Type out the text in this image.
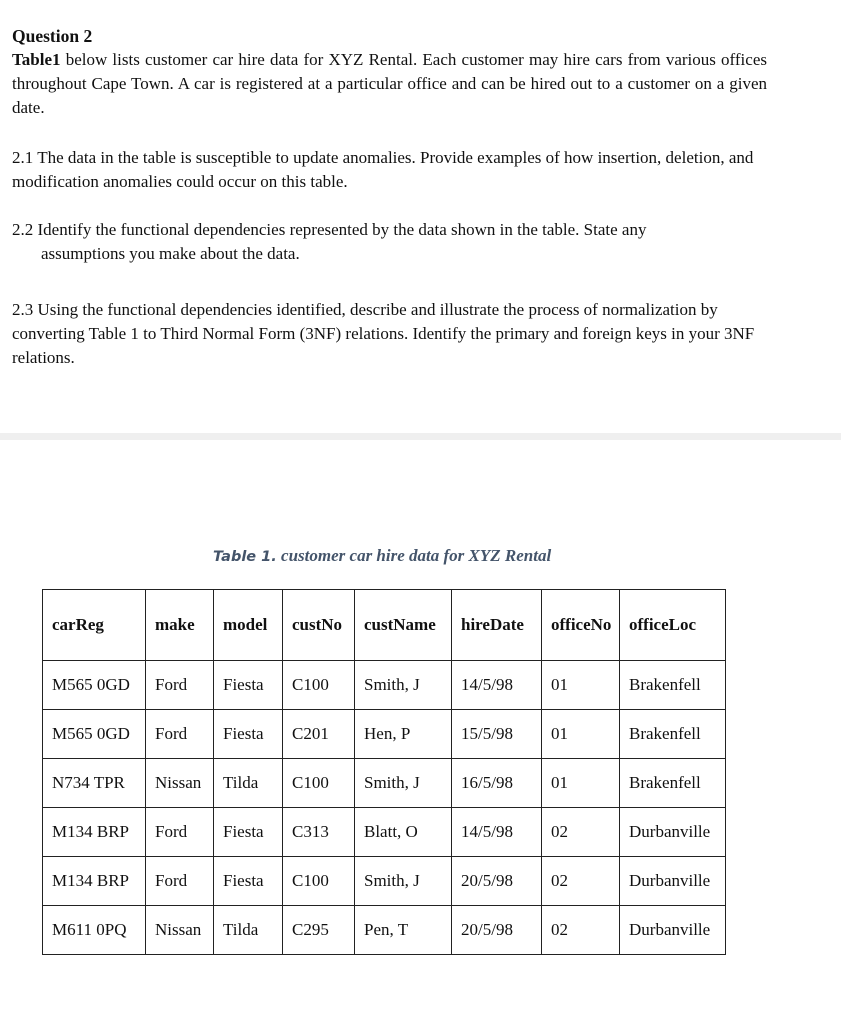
Question 2

Table1 below lists customer car hire data for XYZ Rental. Each customer may hire cars from various offices throughout Cape Town. A car is registered at a particular office and can be hired out to a customer on a given date.

2.1 The data in the table is susceptible to update anomalies. Provide examples of how insertion, deletion, and modification anomalies could occur on this table.

2.2 Identify the functional dependencies represented by the data shown in the table. State any
assumptions you make about the data.

2.3 Using the functional dependencies identified, describe and illustrate the process of normalization by converting Table 1 to Third Normal Form (3NF) relations. Identify the primary and foreign keys in your 3NF relations.

Table 1. customer car hire data for XYZ Rental
carReg	make	model	custNo	custName	hireDate	officeNo	officeLoc
M565 0GD	Ford	Fiesta	C100	Smith, J	14/5/98	01	Brakenfell
M565 0GD	Ford	Fiesta	C201	Hen, P	15/5/98	01	Brakenfell
N734 TPR	Nissan	Tilda	C100	Smith, J	16/5/98	01	Brakenfell
M134 BRP	Ford	Fiesta	C313	Blatt, O	14/5/98	02	Durbanville
M134 BRP	Ford	Fiesta	C100	Smith, J	20/5/98	02	Durbanville
M611 0PQ	Nissan	Tilda	C295	Pen, T	20/5/98	02	Durbanville
